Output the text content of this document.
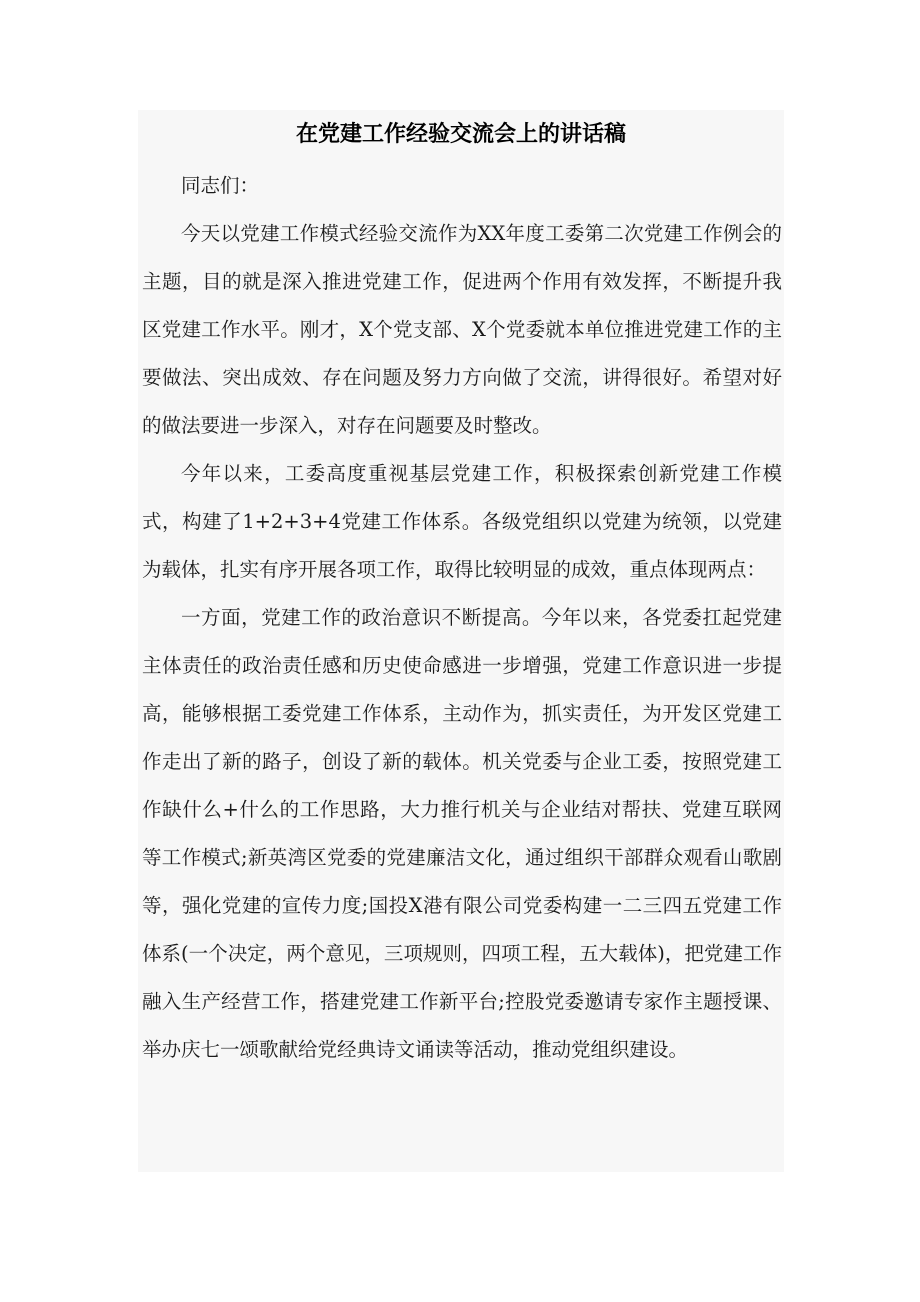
在党建工作经验交流会上的讲话稿

同志们：

今天以党建工作模式经验交流作为XX年度工委第二次党建工作例会的主题，目的就是深入推进党建工作，促进两个作用有效发挥，不断提升我区党建工作水平。刚才，X个党支部、X个党委就本单位推进党建工作的主要做法、突出成效、存在问题及努力方向做了交流，讲得很好。希望对好的做法要进一步深入，对存在问题要及时整改。

今年以来，工委高度重视基层党建工作，积极探索创新党建工作模式，构建了1+2+3+4党建工作体系。各级党组织以党建为统领，以党建为载体，扎实有序开展各项工作，取得比较明显的成效，重点体现两点：

一方面，党建工作的政治意识不断提高。今年以来，各党委扛起党建主体责任的政治责任感和历史使命感进一步增强，党建工作意识进一步提高，能够根据工委党建工作体系，主动作为，抓实责任，为开发区党建工作走出了新的路子，创设了新的载体。机关党委与企业工委，按照党建工作缺什么+什么的工作思路，大力推行机关与企业结对帮扶、党建互联网等工作模式;新英湾区党委的党建廉洁文化，通过组织干部群众观看山歌剧等，强化党建的宣传力度;国投X港有限公司党委构建一二三四五党建工作体系(一个决定，两个意见，三项规则，四项工程，五大载体)，把党建工作融入生产经营工作，搭建党建工作新平台;控股党委邀请专家作主题授课、举办庆七一颂歌献给党经典诗文诵读等活动，推动党组织建设。
